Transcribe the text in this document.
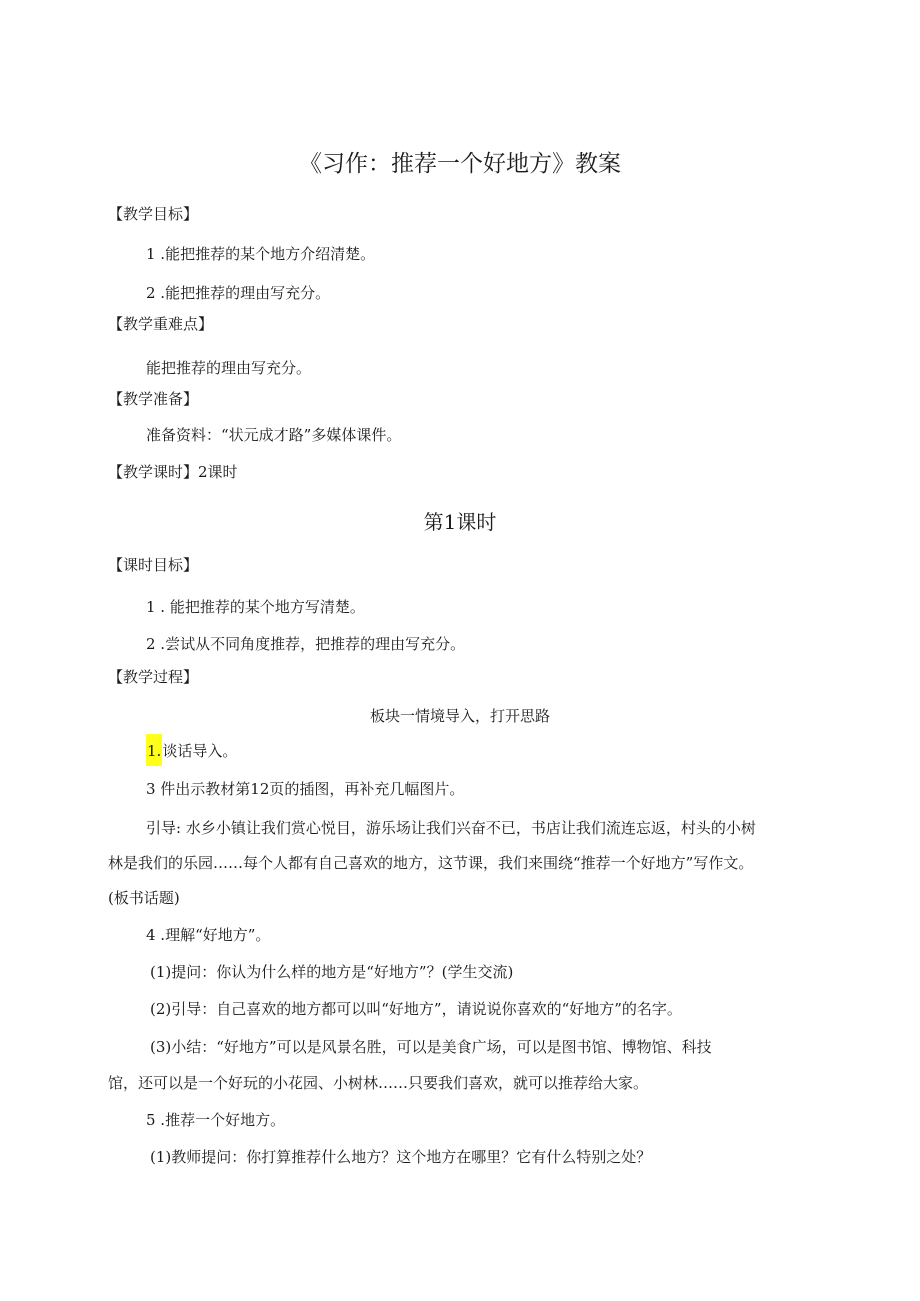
《习作：推荐一个好地方》教案
【教学目标】
1 .能把推荐的某个地方介绍清楚。
2 .能把推荐的理由写充分。
【教学重难点】
能把推荐的理由写充分。
【教学准备】
准备资料：“状元成才路”多媒体课件。
【教学课时】2课时
第1课时
【课时目标】
1 . 能把推荐的某个地方写清楚。
2 .尝试从不同角度推荐，把推荐的理由写充分。
【教学过程】
板块一情境导入，打开思路
1.谈话导入。
3 件出示教材第12页的插图，再补充几幅图片。
引导: 水乡小镇让我们赏心悦目，游乐场让我们兴奋不已，书店让我们流连忘返，村头的小树
林是我们的乐园……每个人都有自己喜欢的地方，这节课，我们来围绕“推荐一个好地方”写作文。
(板书话题)
4 .理解“好地方”。
(1)提问：你认为什么样的地方是“好地方”？(学生交流)
(2)引导：自己喜欢的地方都可以叫“好地方”，请说说你喜欢的“好地方”的名字。
(3)小结：“好地方”可以是风景名胜，可以是美食广场，可以是图书馆、博物馆、科技
馆，还可以是一个好玩的小花园、小树林……只要我们喜欢，就可以推荐给大家。
5 .推荐一个好地方。
(1)教师提问：你打算推荐什么地方？这个地方在哪里？它有什么特别之处？
